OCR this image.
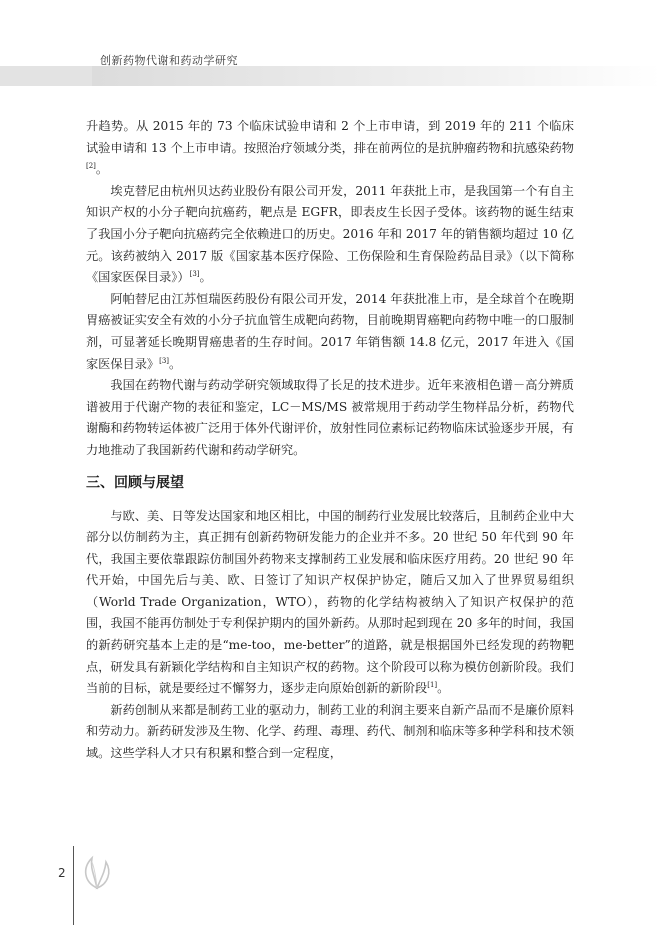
创新药物代谢和药动学研究

升趋势。从 2015 年的 73 个临床试验申请和 2 个上市申请，到 2019 年的 211 个临床试验申请和 13 个上市申请。按照治疗领域分类，排在前两位的是抗肿瘤药物和抗感染药物[2]。

埃克替尼由杭州贝达药业股份有限公司开发，2011 年获批上市，是我国第一个有自主知识产权的小分子靶向抗癌药，靶点是 EGFR，即表皮生长因子受体。该药物的诞生结束了我国小分子靶向抗癌药完全依赖进口的历史。2016 年和 2017 年的销售额均超过 10 亿元。该药被纳入 2017 版《国家基本医疗保险、工伤保险和生育保险药品目录》（以下简称《国家医保目录》）[3]。

阿帕替尼由江苏恒瑞医药股份有限公司开发，2014 年获批准上市，是全球首个在晚期胃癌被证实安全有效的小分子抗血管生成靶向药物，目前晚期胃癌靶向药物中唯一的口服制剂，可显著延长晚期胃癌患者的生存时间。2017 年销售额 14.8 亿元，2017 年进入《国家医保目录》[3]。

我国在药物代谢与药动学研究领域取得了长足的技术进步。近年来液相色谱－高分辨质谱被用于代谢产物的表征和鉴定，LC－MS/MS 被常规用于药动学生物样品分析，药物代谢酶和药物转运体被广泛用于体外代谢评价，放射性同位素标记药物临床试验逐步开展，有力地推动了我国新药代谢和药动学研究。

三、回顾与展望

与欧、美、日等发达国家和地区相比，中国的制药行业发展比较落后，且制药企业中大部分以仿制药为主，真正拥有创新药物研发能力的企业并不多。20 世纪 50 年代到 90 年代，我国主要依靠跟踪仿制国外药物来支撑制药工业发展和临床医疗用药。20 世纪 90 年代开始，中国先后与美、欧、日签订了知识产权保护协定，随后又加入了世界贸易组织（World Trade Organization，WTO），药物的化学结构被纳入了知识产权保护的范围，我国不能再仿制处于专利保护期内的国外新药。从那时起到现在 20 多年的时间，我国的新药研究基本上走的是“me-too，me-better”的道路，就是根据国外已经发现的药物靶点，研发具有新颖化学结构和自主知识产权的药物。这个阶段可以称为模仿创新阶段。我们当前的目标，就是要经过不懈努力，逐步走向原始创新的新阶段[1]。

新药创制从来都是制药工业的驱动力，制药工业的利润主要来自新产品而不是廉价原料和劳动力。新药研发涉及生物、化学、药理、毒理、药代、制剂和临床等多种学科和技术领域。这些学科人才只有积累和整合到一定程度，

2
